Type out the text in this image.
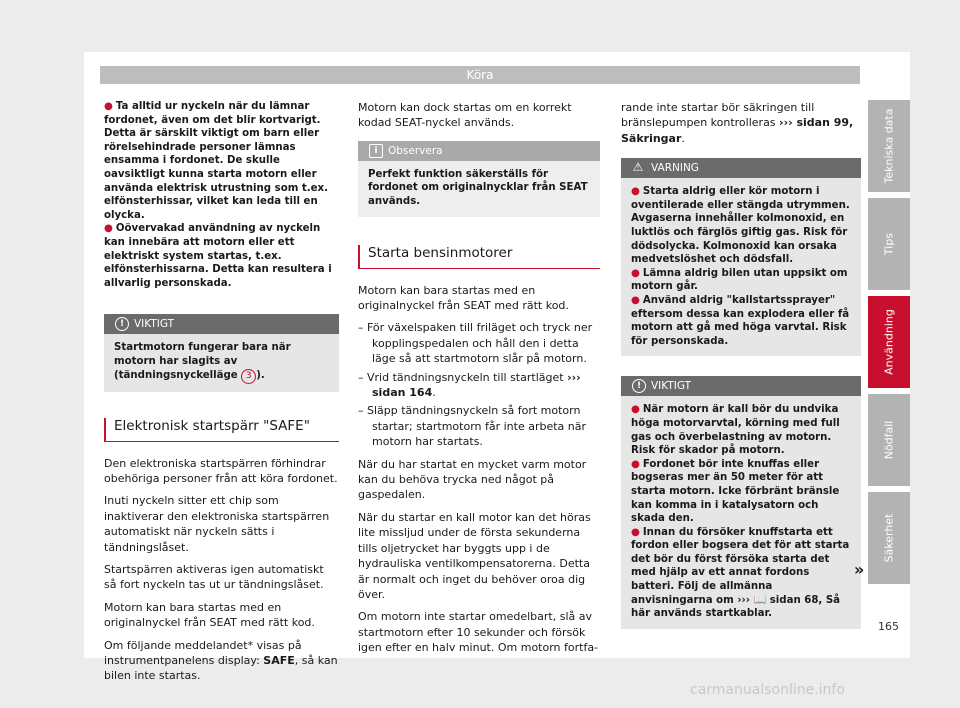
Köra

● Ta alltid ur nyckeln när du lämnar fordonet, även om det blir kortvarigt. Detta är särskilt viktigt om barn eller rörelsehindrade personer lämnas ensamma i fordonet. De skulle oavsiktligt kunna starta motorn eller använda elektrisk utrustning som t.ex. elfönsterhissar, vilket kan leda till en olycka.

● Oövervakad användning av nyckeln kan innebära att motorn eller ett elektriskt system startas, t.ex. elfönsterhissarna. Detta kan resultera i allvarlig personskada.

! VIKTIGT
Startmotorn fungerar bara när motorn har slagits av (tändningsnyckelläge 3 ).
Elektronisk startspärr "SAFE"

Den elektroniska startspärren förhindrar obehöriga personer från att köra fordonet.

Inuti nyckeln sitter ett chip som inaktiverar den elektroniska startspärren automatiskt när nyckeln sätts i tändningslåset.

Startspärren aktiveras igen automatiskt så fort nyckeln tas ut ur tändningslåset.

Motorn kan bara startas med en originalnyckel från SEAT med rätt kod.

Om följande meddelandet* visas på instrumentpanelens display: SAFE, så kan bilen inte startas.

Motorn kan dock startas om en korrekt kodad SEAT-nyckel används.

i Observera
Perfekt funktion säkerställs för fordonet om originalnycklar från SEAT används.
Starta bensinmotorer

Motorn kan bara startas med en originalnyckel från SEAT med rätt kod.

– För växelspaken till friläget och tryck ner kopplingspedalen och håll den i detta läge så att startmotorn slår på motorn.

– Vrid tändningsnyckeln till startläget ››› sidan 164.

– Släpp tändningsnyckeln så fort motorn startar; startmotorn får inte arbeta när motorn har startats.

När du har startat en mycket varm motor kan du behöva trycka ned något på gaspedalen.

När du startar en kall motor kan det höras lite missljud under de första sekunderna tills oljetrycket har byggts upp i de hydrauliska ventilkompensatorerna. Detta är normalt och inget du behöver oroa dig över.

Om motorn inte startar omedelbart, slå av startmotorn efter 10 sekunder och försök igen efter en halv minut. Om motorn fortfa-

rande inte startar bör säkringen till bränslepumpen kontrolleras ››› sidan 99, Säkringar.

⚠ VARNING

● Starta aldrig eller kör motorn i oventilerade eller stängda utrymmen. Avgaserna innehåller kolmonoxid, en luktlös och färglös giftig gas. Risk för dödsolycka. Kolmonoxid kan orsaka medvetslöshet och dödsfall.

● Lämna aldrig bilen utan uppsikt om motorn går.

● Använd aldrig "kallstartssprayer" eftersom dessa kan explodera eller få motorn att gå med höga varvtal. Risk för personskada.

! VIKTIGT

● När motorn är kall bör du undvika höga motorvarvtal, körning med full gas och överbelastning av motorn. Risk för skador på motorn.

● Fordonet bör inte knuffas eller bogseras mer än 50 meter för att starta motorn. Icke förbränt bränsle kan komma in i katalysatorn och skada den.

● Innan du försöker knuffstarta ett fordon eller bogsera det för att starta det bör du först försöka starta det med hjälp av ett annat fordons batteri. Följ de allmänna anvisningarna om ››› 📖 sidan 68, Så här används startkablar.

»
Tekniska data
Tips
Användning
Nödfall
Säkerhet
165
carmanualsonline.info
